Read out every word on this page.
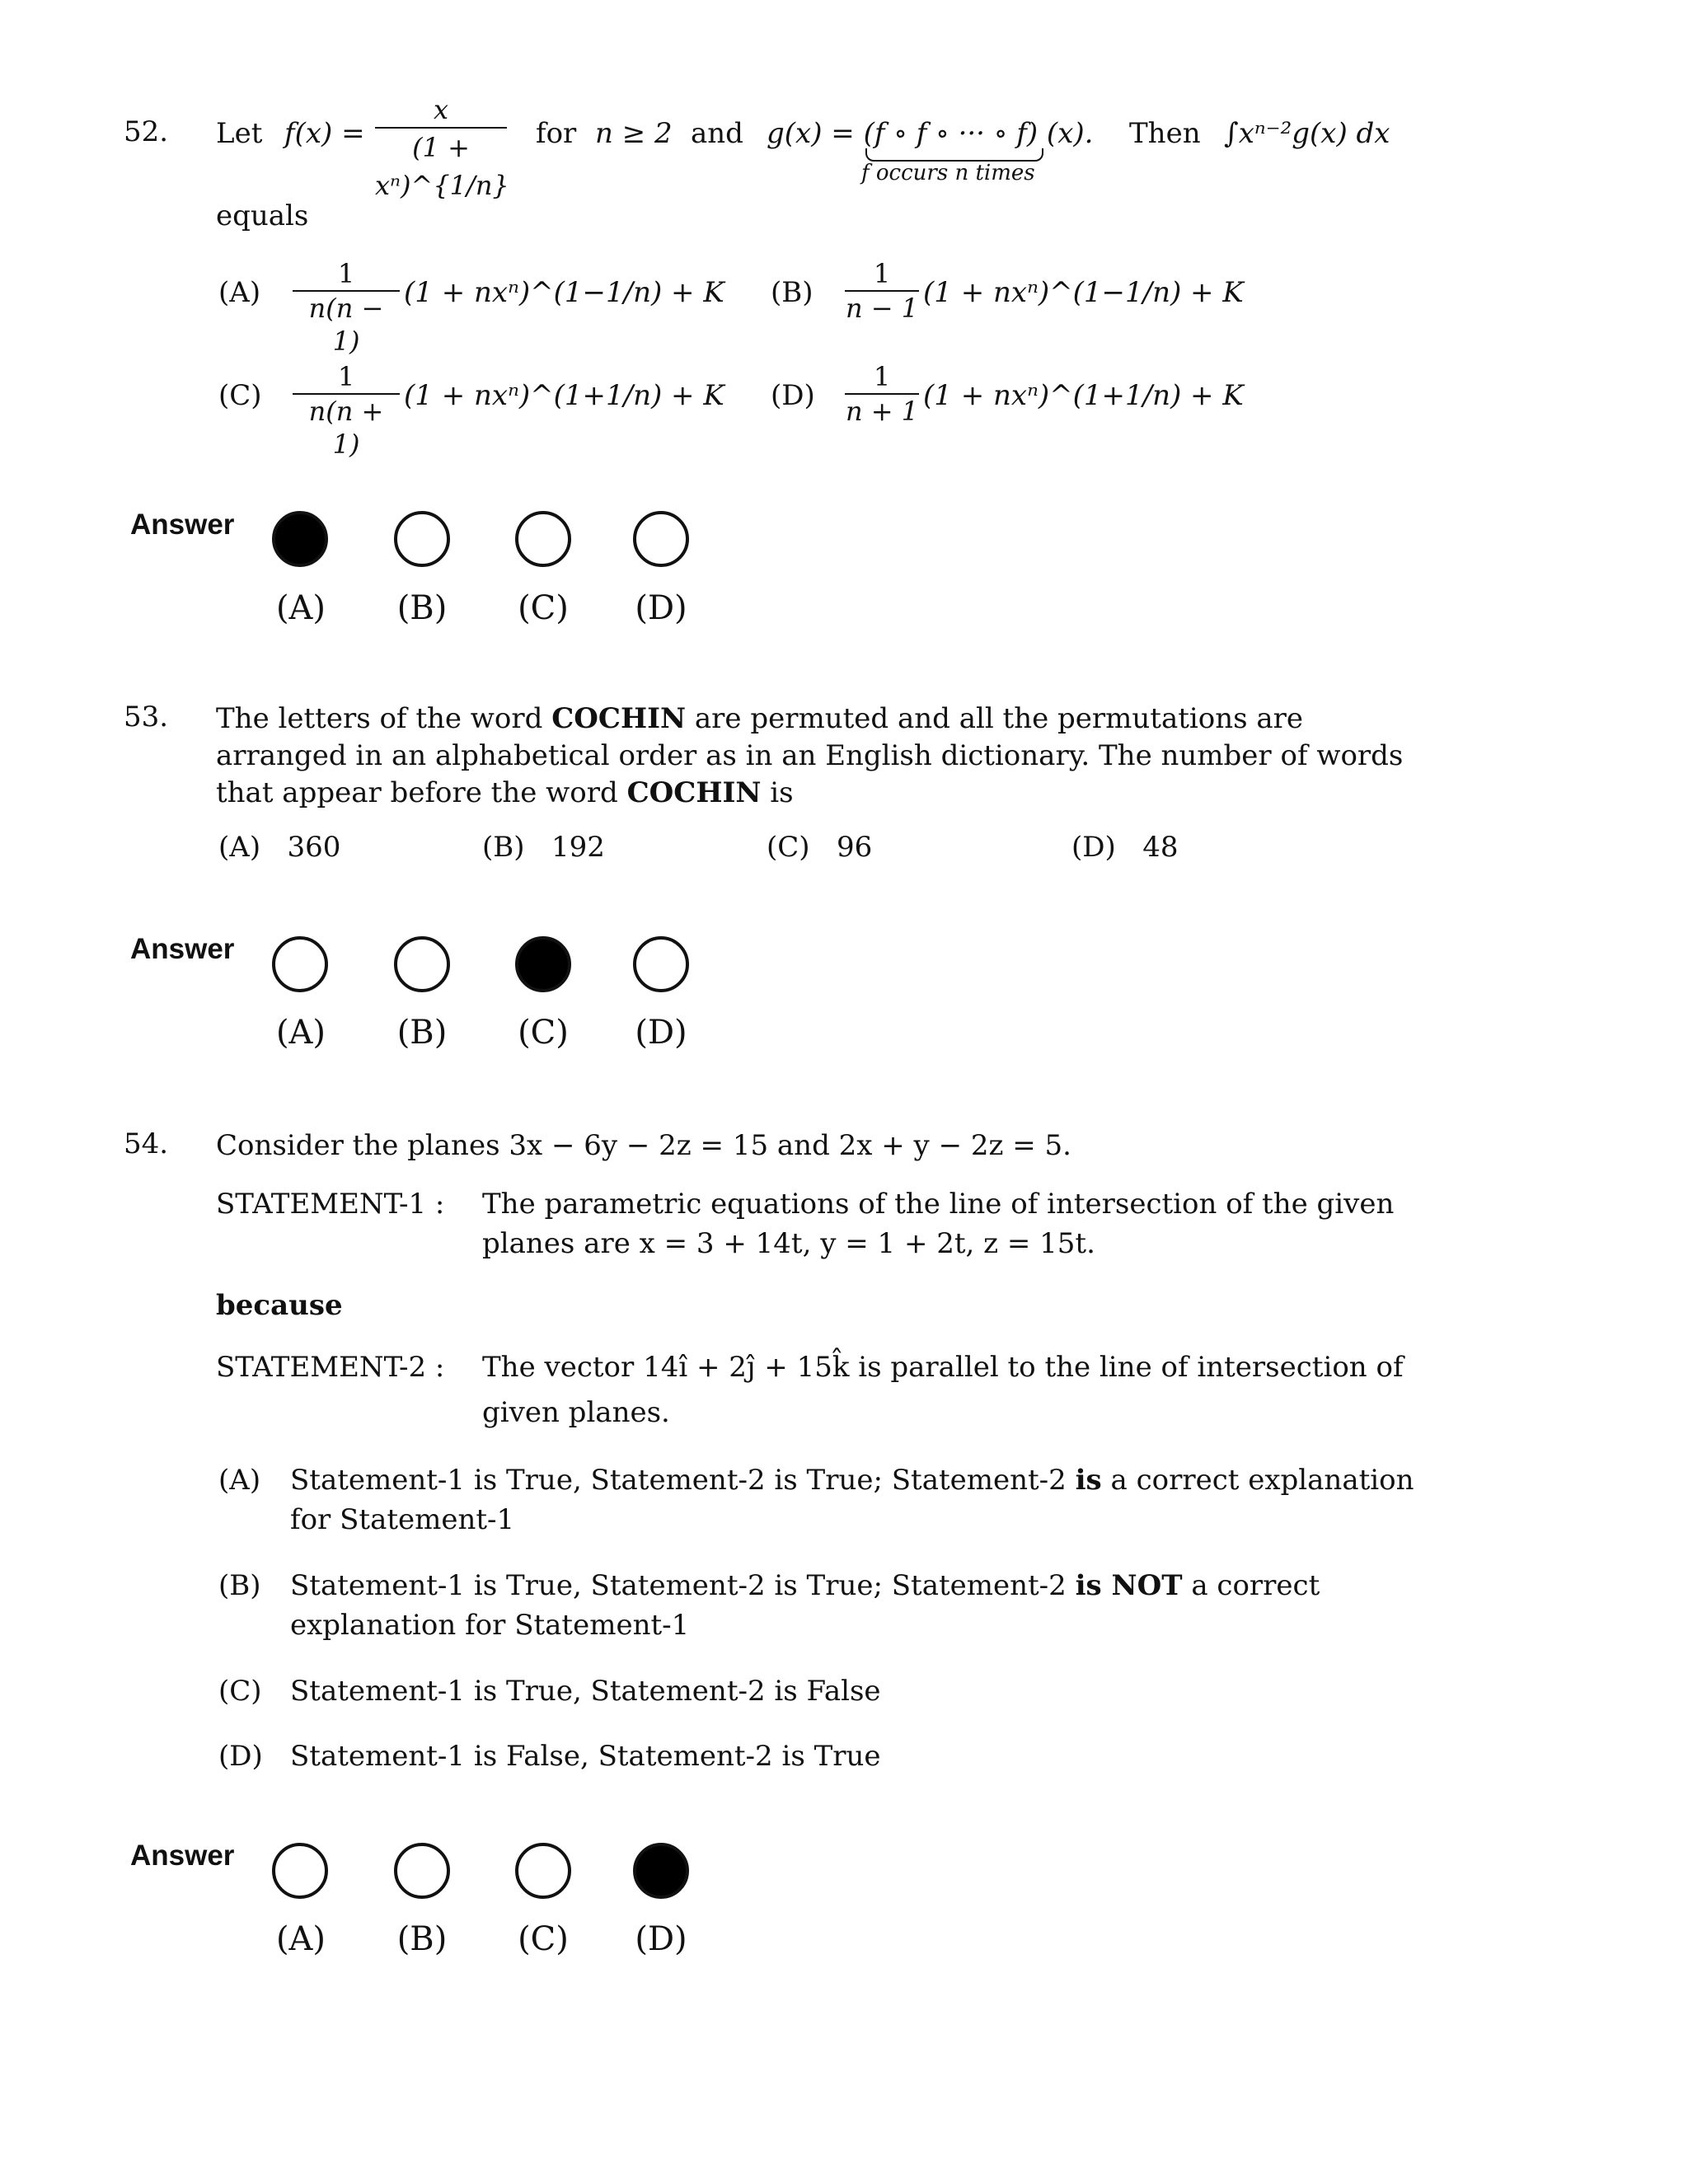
52. Let $f(x) = \frac{x}{\text{(1 + xⁿ)\textasciicircum{}\{1/n\}}}$ for n ≥ 2 and g(x) = (f ∘ f ∘ ··· ∘ f) (x).
f occurs n times
Then ∫xⁿ⁻²g(x) dx
equals
$(A) \frac{1}{n(n - 1)} (1$ + nxⁿ)^(1−1/n) + K $(B) \frac{1}{n - 1} (1$ + nxⁿ)^(1−1/n) + K
$(C) \frac{1}{n(n + 1)} (1$ + nxⁿ)^(1+1/n) + K $(D) \frac{1}{n + 1} (1$ + nxⁿ)^(1+1/n) + K
Answer
(A)	(B)	(C)	(D)
53. The letters of the word COCHIN are permuted and all the permutations are
arranged in an alphabetical order as in an English dictionary. The number of words
that appear before the word COCHIN is
(A) 360	(B) 192	(C) 96	(D) 48
Answer
(A)	(B)	(C)	(D)
54. Consider the planes 3x − 6y − 2z = 15 and 2x + y − 2z = 5.
STATEMENT-1 : The parametric equations of the line of intersection of the given
planes are x = 3 + 14t, y = 1 + 2t, z = 15t.
because
STATEMENT-2 : The vector 14î + 2ĵ + 15k̂ is parallel to the line of intersection of
given planes.
(A) Statement-1 is True, Statement-2 is True; Statement-2 is a correct explanation
for Statement-1
(B) Statement-1 is True, Statement-2 is True; Statement-2 is NOT a correct
explanation for Statement-1
(C) Statement-1 is True, Statement-2 is False
(D) Statement-1 is False, Statement-2 is True
Answer
(A)	(B)	(C)	(D)
